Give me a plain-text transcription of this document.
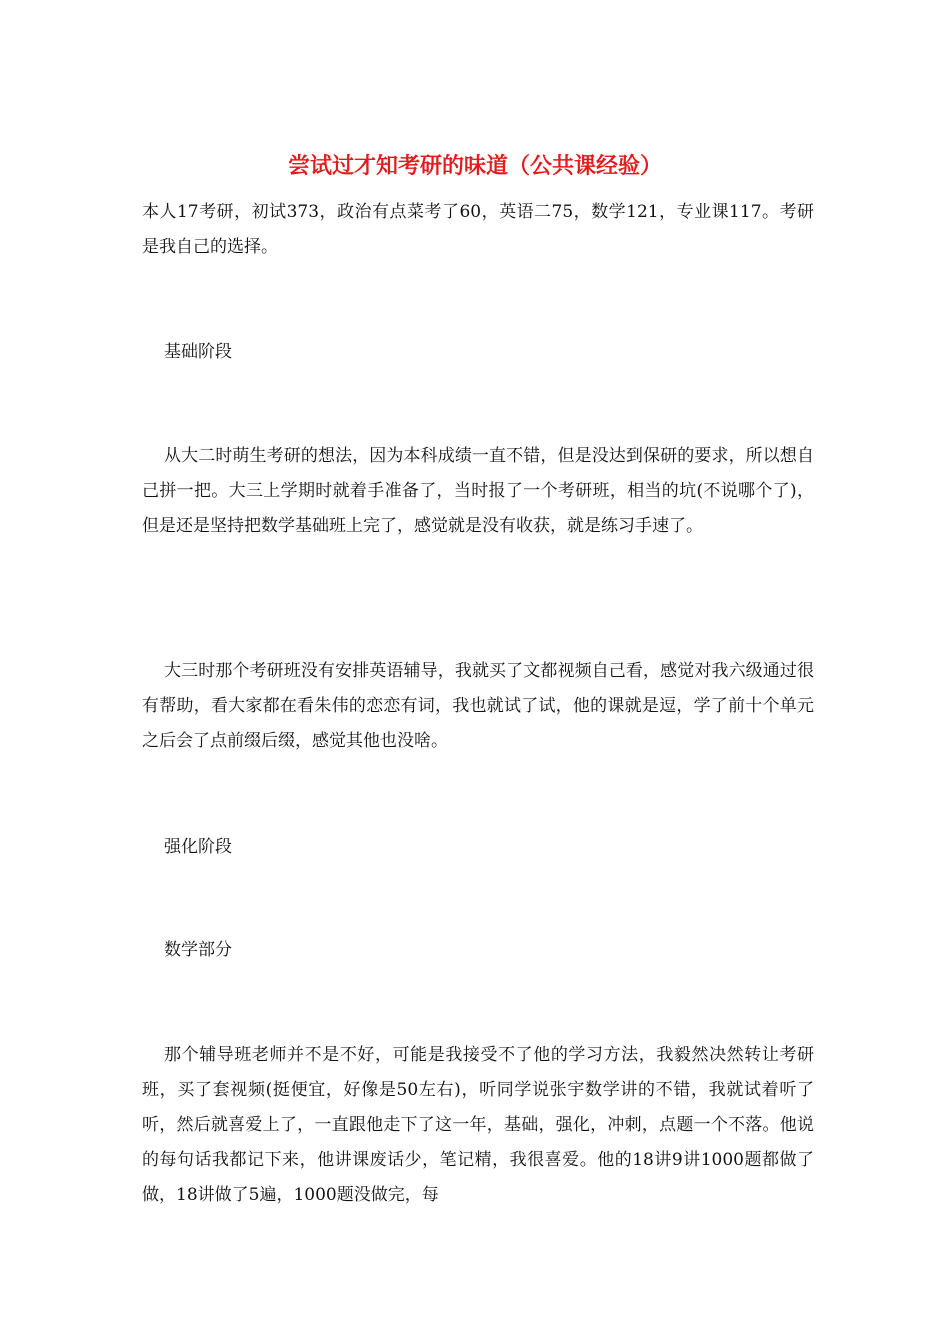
尝试过才知考研的味道（公共课经验）

本人17考研，初试373，政治有点菜考了60，英语二75，数学121，专业课117。考研是我自己的选择。

基础阶段

从大二时萌生考研的想法，因为本科成绩一直不错，但是没达到保研的要求，所以想自己拼一把。大三上学期时就着手准备了，当时报了一个考研班，相当的坑(不说哪个了)，但是还是坚持把数学基础班上完了，感觉就是没有收获，就是练习手速了。

大三时那个考研班没有安排英语辅导，我就买了文都视频自己看，感觉对我六级通过很有帮助，看大家都在看朱伟的恋恋有词，我也就试了试，他的课就是逗，学了前十个单元之后会了点前缀后缀，感觉其他也没啥。

强化阶段

数学部分

那个辅导班老师并不是不好，可能是我接受不了他的学习方法，我毅然决然转让考研班，买了套视频(挺便宜，好像是50左右)，听同学说张宇数学讲的不错，我就试着听了听，然后就喜爱上了，一直跟他走下了这一年，基础，强化，冲刺，点题一个不落。他说的每句话我都记下来，他讲课废话少，笔记精，我很喜爱。他的18讲9讲1000题都做了做，18讲做了5遍，1000题没做完，每
